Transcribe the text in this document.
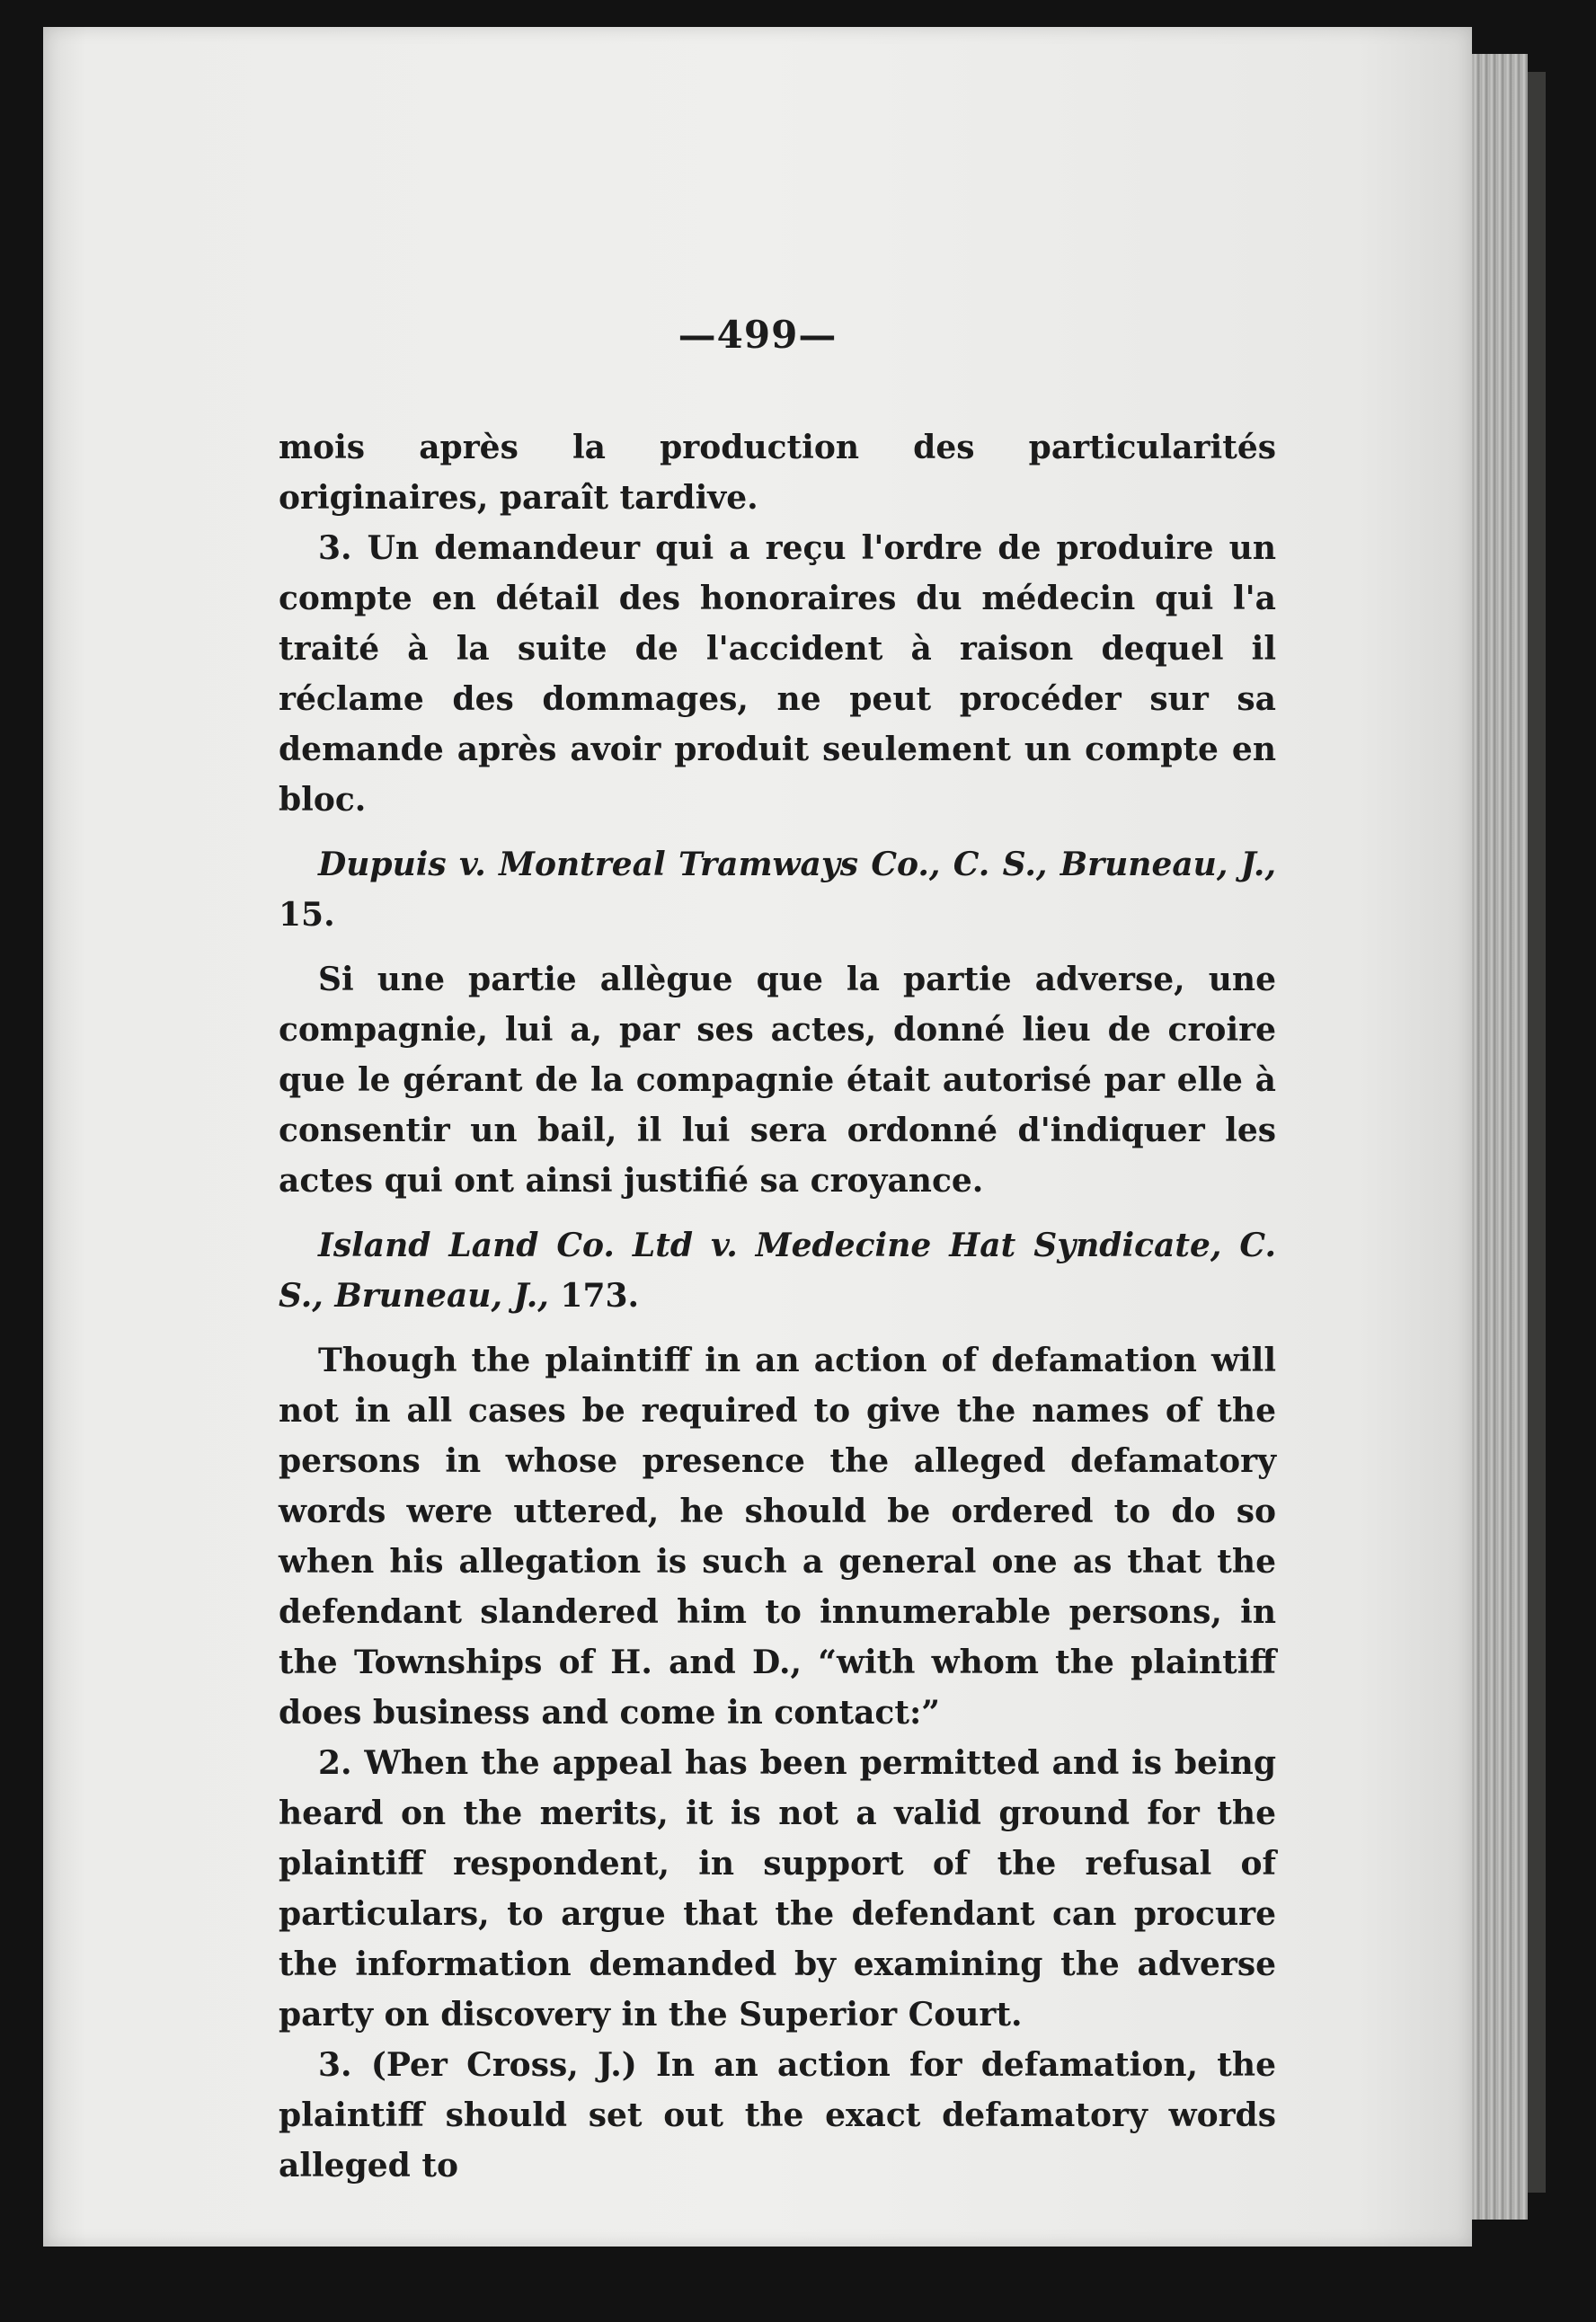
—499—

mois après la production des particularités originaires, paraît tardive.

3. Un demandeur qui a reçu l'ordre de produire un compte en détail des honoraires du médecin qui l'a traité à la suite de l'accident à raison dequel il réclame des dommages, ne peut procéder sur sa demande après avoir produit seulement un compte en bloc.

Dupuis v. Montreal Tramways Co., C. S., Bruneau, J., 15.

Si une partie allègue que la partie adverse, une compagnie, lui a, par ses actes, donné lieu de croire que le gérant de la compagnie était autorisé par elle à consentir un bail, il lui sera ordonné d'indiquer les actes qui ont ainsi justifié sa croyance.

Island Land Co. Ltd v. Medecine Hat Syndicate, C. S., Bruneau, J., 173.

Though the plaintiff in an action of defamation will not in all cases be required to give the names of the persons in whose presence the alleged defamatory words were uttered, he should be ordered to do so when his allegation is such a general one as that the defendant slandered him to innumerable persons, in the Townships of H. and D., “with whom the plaintiff does business and come in contact:”

2. When the appeal has been permitted and is being heard on the merits, it is not a valid ground for the plaintiff respondent, in support of the refusal of particulars, to argue that the defendant can procure the information demanded by examining the adverse party on discovery in the Superior Court.

3. (Per Cross, J.) In an action for defamation, the plaintiff should set out the exact defamatory words alleged to
